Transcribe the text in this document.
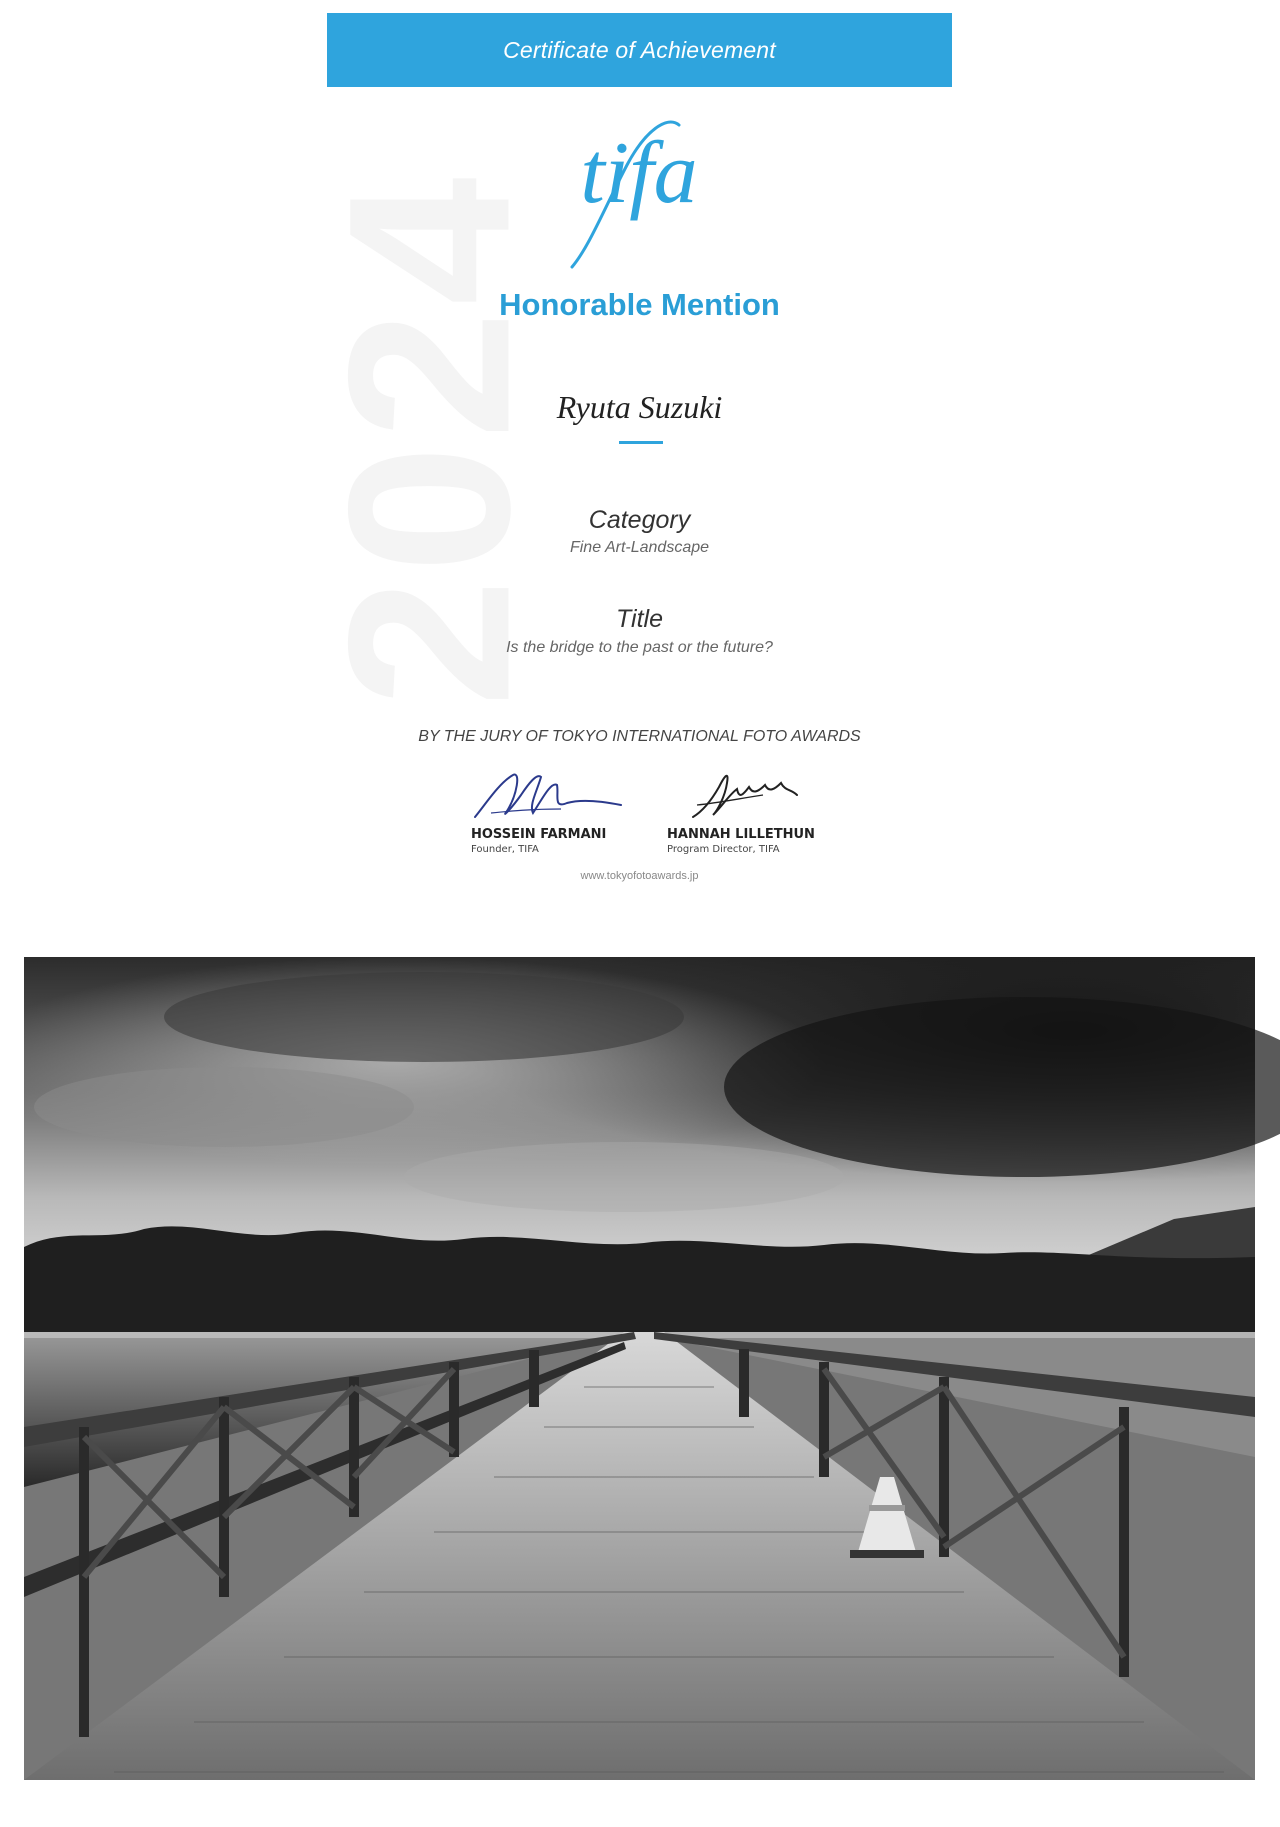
2024
Certificate of Achievement
tifa
Honorable Mention
Ryuta Suzuki
Category
Fine Art-Landscape
Title
Is the bridge to the past or the future?
BY THE JURY OF TOKYO INTERNATIONAL FOTO AWARDS
HOSSEIN FARMANI
Founder, TIFA
HANNAH LILLETHUN
Program Director, TIFA
www.tokyofotoawards.jp
